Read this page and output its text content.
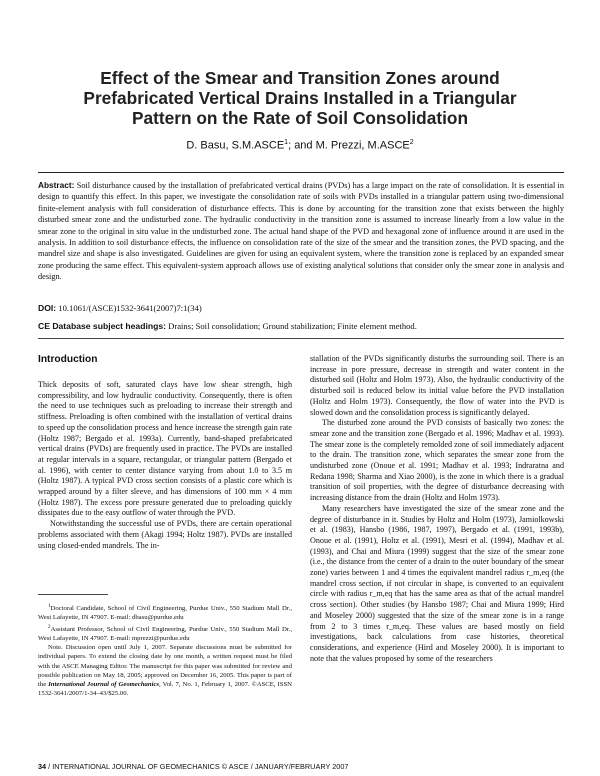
Effect of the Smear and Transition Zones around
Prefabricated Vertical Drains Installed in a Triangular
Pattern on the Rate of Soil Consolidation
D. Basu, S.M.ASCE$^1$; and M. Prezzi, M.ASCE$^2$
Abstract: Soil disturbance caused by the installation of prefabricated vertical drains (PVDs) has a large impact on the rate of consolidation. It is essential in design to quantify this effect. In this paper, we investigate the consolidation rate of soils with PVDs installed in a triangular pattern using two-dimensional finite-element analysis with full consideration of disturbance effects. This is done by accounting for the transition zone that exists between the highly disturbed smear zone and the undisturbed zone. The hydraulic conductivity in the transition zone is assumed to increase linearly from a low value in the smear zone to the original in situ value in the undisturbed zone. The actual hand shape of the PVD and hexagonal zone of influence around it are used in the analysis. In addition to soil disturbance effects, the influence on consolidation rate of the size of the smear and the transition zones, the PVD spacing, and the mandrel size and shape is also investigated. Guidelines are given for using an equivalent system, where the transition zone is replaced by an expanded smear zone producing the same effect. This equivalent-system approach allows use of existing analytical solutions that consider only the smear zone in analysis and design.
DOI: 10.1061/(ASCE)1532-3641(2007)7:1(34)
CE Database subject headings: Drains; Soil consolidation; Ground stabilization; Finite element method.
Introduction

Thick deposits of soft, saturated clays have low shear strength, high compressibility, and low hydraulic conductivity. Consequently, there is often the need to use techniques such as preloading to increase their strength and stiffness. Preloading is often combined with the installation of vertical drains to speed up the consolidation process and hence increase the strength gain rate (Holtz 1987; Bergado et al. 1993a). Currently, band-shaped prefabricated vertical drains (PVDs) are frequently used in practice. The PVDs are installed at regular intervals in a square, rectangular, or triangular pattern (Bergado et al. 1996), with center to center distance varying from about 1.0 to 3.5 m (Holtz 1987). A typical PVD cross section consists of a plastic core which is wrapped around by a filter sleeve, and has dimensions of 100 mm × 4 mm (Holtz 1987). The excess pore pressure generated due to preloading quickly dissipates due to the easy outflow of water through the PVD.

Notwithstanding the successful use of PVDs, there are certain operational problems associated with them (Akagi 1994; Holtz 1987). PVDs are installed using closed-ended mandrels. The in-

$^1$Doctoral Candidate, School of Civil Engineering, Purdue Univ., 550 Stadium Mall Dr., West Lafayette, IN 47907. E-mail: dbasu@purdue.edu

$^2$Assistant Professor, School of Civil Engineering, Purdue Univ., 550 Stadium Mall Dr., West Lafayette, IN 47907. E-mail: mprezzi@purdue.edu

Note. Discussion open until July 1, 2007. Separate discussions must be submitted for individual papers. To extend the closing date by one month, a written request must be filed with the ASCE Managing Editor. The manuscript for this paper was submitted for review and possible publication on May 18, 2005; approved on December 16, 2005. This paper is part of the International Journal of Geomechanics, Vol. 7, No. 1, February 1, 2007. ©ASCE, ISSN 1532-3641/2007/1-34–43/$25.00.

stallation of the PVDs significantly disturbs the surrounding soil. There is an increase in pore pressure, decrease in strength and water content in the disturbed soil (Holtz and Holm 1973). Also, the hydraulic conductivity of the disturbed soil is reduced below its initial value before the PVD installation (Holtz and Holm 1973). Consequently, the flow of water into the PVD is slowed down and the consolidation process is significantly delayed.

The disturbed zone around the PVD consists of basically two zones: the smear zone and the transition zone (Bergado et al. 1996; Madhav et al. 1993). The smear zone is the completely remolded zone of soil immediately adjacent to the drain. The transition zone, which separates the smear zone from the undisturbed zone (Onoue et al. 1991; Madhav et al. 1993; Indraratna and Redana 1998; Sharma and Xiao 2000), is the zone in which there is a gradual transition of soil properties, with the degree of disturbance decreasing with increasing distance from the drain (Holtz and Holm 1973).

Many researchers have investigated the size of the smear zone and the degree of disturbance in it. Studies by Holtz and Holm (1973), Jamiolkowski et al. (1983), Hansbo (1986, 1987, 1997), Bergado et al. (1991, 1993b), Onoue et al. (1991), Holtz et al. (1991), Mesri et al. (1994), Madhav et al. (1993), and Chai and Miura (1999) suggest that the size of the smear zone (i.e., the distance from the center of a drain to the outer boundary of the smear zone) varies between 1 and 4 times the equivalent mandrel radius r_m,eq (the mandrel cross section, if not circular in shape, is converted to an equivalent circle with radius r_m,eq that has the same area as that of the actual mandrel cross section). Other studies (by Hansbo 1987; Chai and Miura 1999; Hird and Moseley 2000) suggested that the size of the smear zone is in a range from 2 to 3 times r_m,eq. These values are based mostly on field investigations, back calculations from case histories, theoretical considerations, and experience (Hird and Moseley 2000). It is important to note that the values proposed by some of the researchers

34 / INTERNATIONAL JOURNAL OF GEOMECHANICS © ASCE / JANUARY/FEBRUARY 2007
